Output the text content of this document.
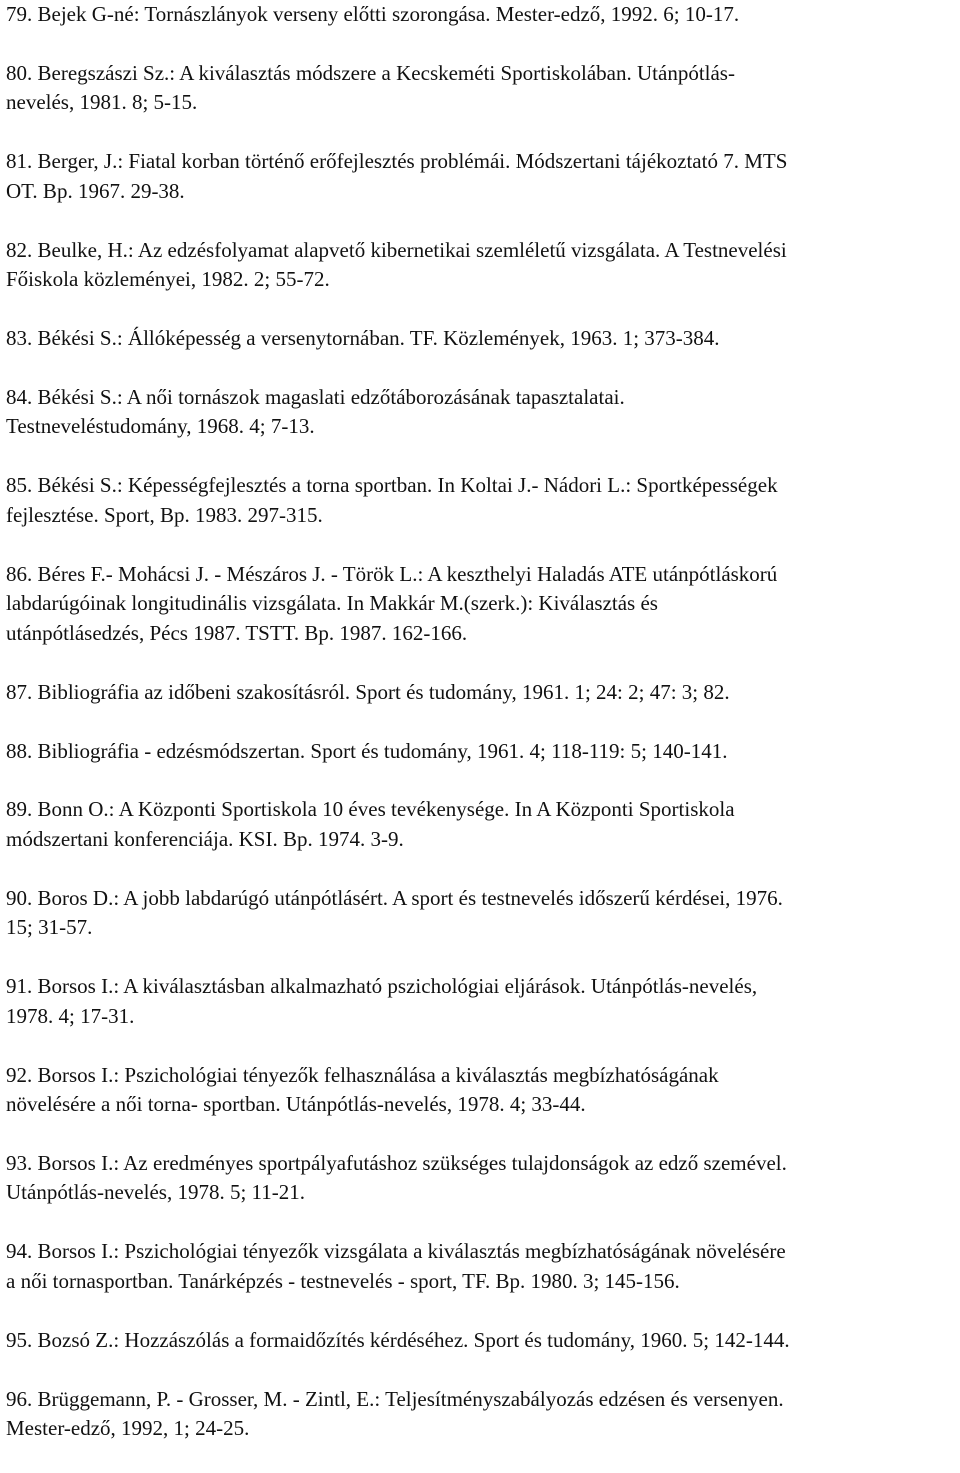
79. Bejek G-né: Tornászlányok verseny előtti szorongása. Mester-edző, 1992. 6; 10-17.

80. Beregszászi Sz.: A kiválasztás módszere a Kecskeméti Sportiskolában. Utánpótlás-
nevelés, 1981. 8; 5-15.

81. Berger, J.: Fiatal korban történő erőfejlesztés problémái. Módszertani tájékoztató 7. MTS
OT. Bp. 1967. 29-38.

82. Beulke, H.: Az edzésfolyamat alapvető kibernetikai szemléletű vizsgálata. A Testnevelési
Főiskola közleményei, 1982. 2; 55-72.

83. Békési S.: Állóképesség a versenytornában. TF. Közlemények, 1963. 1; 373-384.

84. Békési S.: A női tornászok magaslati edzőtáborozásának tapasztalatai.
Testneveléstudomány, 1968. 4; 7-13.

85. Békési S.: Képességfejlesztés a torna sportban. In Koltai J.- Nádori L.: Sportképességek
fejlesztése. Sport, Bp. 1983. 297-315.

86. Béres F.- Mohácsi J. - Mészáros J. - Török L.: A keszthelyi Haladás ATE utánpótláskorú
labdarúgóinak longitudinális vizsgálata. In Makkár M.(szerk.): Kiválasztás és
utánpótlásedzés, Pécs 1987. TSTT. Bp. 1987. 162-166.

87. Bibliográfia az időbeni szakosításról. Sport és tudomány, 1961. 1; 24: 2; 47: 3; 82.

88. Bibliográfia - edzésmódszertan. Sport és tudomány, 1961. 4; 118-119: 5; 140-141.

89. Bonn O.: A Központi Sportiskola 10 éves tevékenysége. In A Központi Sportiskola
módszertani konferenciája. KSI. Bp. 1974. 3-9.

90. Boros D.: A jobb labdarúgó utánpótlásért. A sport és testnevelés időszerű kérdései, 1976.
15; 31-57.

91. Borsos I.: A kiválasztásban alkalmazható pszichológiai eljárások. Utánpótlás-nevelés,
1978. 4; 17-31.

92. Borsos I.: Pszichológiai tényezők felhasználása a kiválasztás megbízhatóságának
növelésére a női torna- sportban. Utánpótlás-nevelés, 1978. 4; 33-44.

93. Borsos I.: Az eredményes sportpályafutáshoz szükséges tulajdonságok az edző szemével.
Utánpótlás-nevelés, 1978. 5; 11-21.

94. Borsos I.: Pszichológiai tényezők vizsgálata a kiválasztás megbízhatóságának növelésére
a női tornasportban. Tanárképzés - testnevelés - sport, TF. Bp. 1980. 3; 145-156.

95. Bozsó Z.: Hozzászólás a formaidőzítés kérdéséhez. Sport és tudomány, 1960. 5; 142-144.

96. Brüggemann, P. - Grosser, M. - Zintl, E.: Teljesítményszabályozás edzésen és versenyen.
Mester-edző, 1992, 1; 24-25.
